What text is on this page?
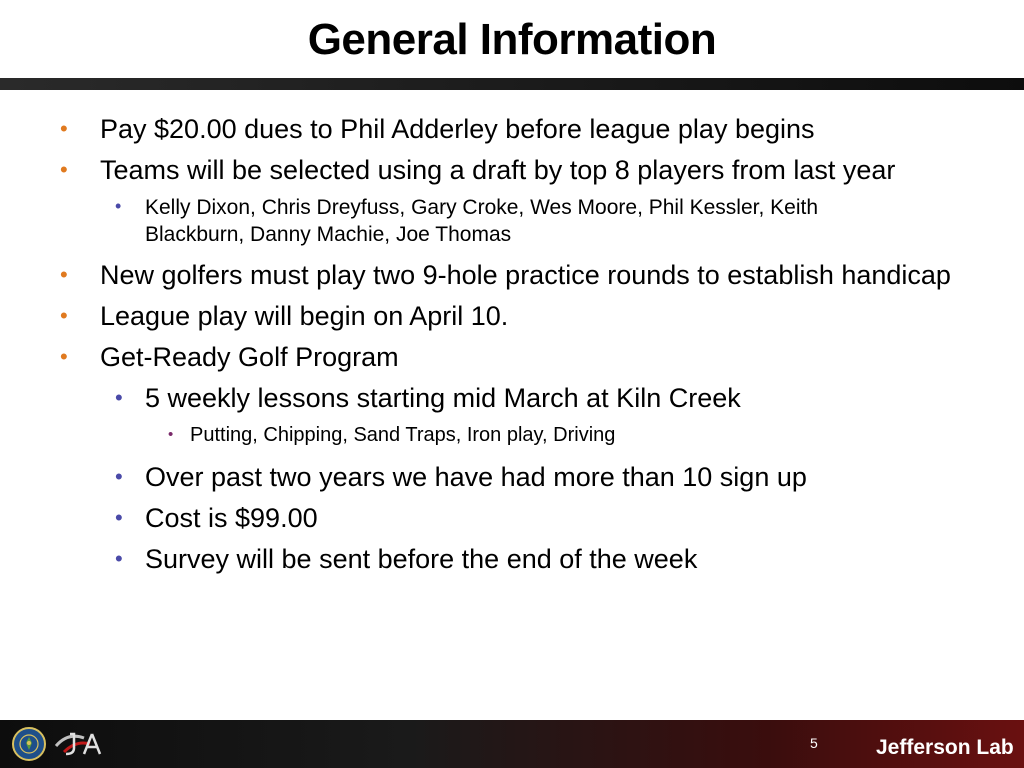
General Information
• Pay $20.00 dues to Phil Adderley before league play begins
• Teams will be selected using a draft by top 8 players from last year
• Kelly Dixon, Chris Dreyfuss, Gary Croke, Wes Moore, Phil Kessler, Keith Blackburn, Danny Machie, Joe Thomas
• New golfers must play two 9-hole practice rounds to establish handicap
• League play will begin on April 10.
• Get-Ready Golf Program
• 5 weekly lessons starting mid March at Kiln Creek
• Putting, Chipping, Sand Traps, Iron play, Driving
• Over past two years we have had more than 10 sign up
• Cost is $99.00
• Survey will be sent before the end of the week
5	Jefferson Lab
